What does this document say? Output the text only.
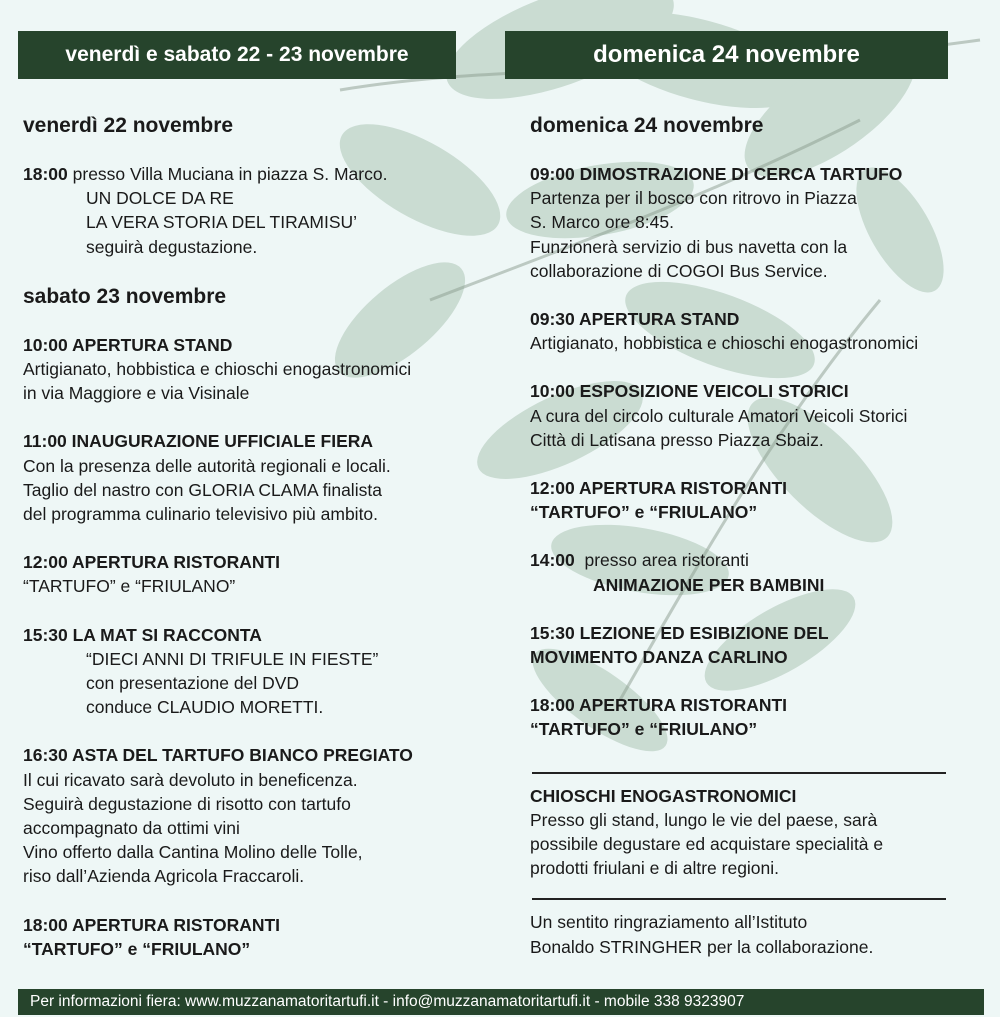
venerdì e sabato 22 - 23 novembre	domenica 24 novembre
venerdì 22 novembre
18:00 presso Villa Muciana in piazza S. Marco.
UN DOLCE DA RE
LA VERA STORIA DEL TIRAMISU’
seguirà degustazione.
sabato 23 novembre
10:00 APERTURA STAND
Artigianato, hobbistica e chioschi enogastronomici
in via Maggiore e via Visinale
11:00 INAUGURAZIONE UFFICIALE FIERA
Con la presenza delle autorità regionali e locali.
Taglio del nastro con GLORIA CLAMA finalista
del programma culinario televisivo più ambito.
12:00 APERTURA RISTORANTI
“TARTUFO” e “FRIULANO”
15:30 LA MAT SI RACCONTA
“DIECI ANNI DI TRIFULE IN FIESTE”
con presentazione del DVD
conduce CLAUDIO MORETTI.
16:30 ASTA DEL TARTUFO BIANCO PREGIATO
Il cui ricavato sarà devoluto in beneficenza.
Seguirà degustazione di risotto con tartufo
accompagnato da ottimi vini
Vino offerto dalla Cantina Molino delle Tolle,
riso dall’Azienda Agricola Fraccaroli.
18:00 APERTURA RISTORANTI
“TARTUFO” e “FRIULANO”
domenica 24 novembre
09:00 DIMOSTRAZIONE DI CERCA TARTUFO
Partenza per il bosco con ritrovo in Piazza
S. Marco ore 8:45.
Funzionerà servizio di bus navetta con la
collaborazione di COGOI Bus Service.
09:30 APERTURA STAND
Artigianato, hobbistica e chioschi enogastronomici
10:00 ESPOSIZIONE VEICOLI STORICI
A cura del circolo culturale Amatori Veicoli Storici
Città di Latisana presso Piazza Sbaiz.
12:00 APERTURA RISTORANTI
“TARTUFO” e “FRIULANO”
14:00 presso area ristoranti
ANIMAZIONE PER BAMBINI
15:30 LEZIONE ED ESIBIZIONE DEL
MOVIMENTO DANZA CARLINO
18:00 APERTURA RISTORANTI
“TARTUFO” e “FRIULANO”
CHIOSCHI ENOGASTRONOMICI
Presso gli stand, lungo le vie del paese, sarà
possibile degustare ed acquistare specialità e
prodotti friulani e di altre regioni.
Un sentito ringraziamento all’Istituto
Bonaldo STRINGHER per la collaborazione.
Per informazioni fiera: www.muzzanamatoritartufi.it - info@muzzanamatoritartufi.it - mobile 338 9323907
